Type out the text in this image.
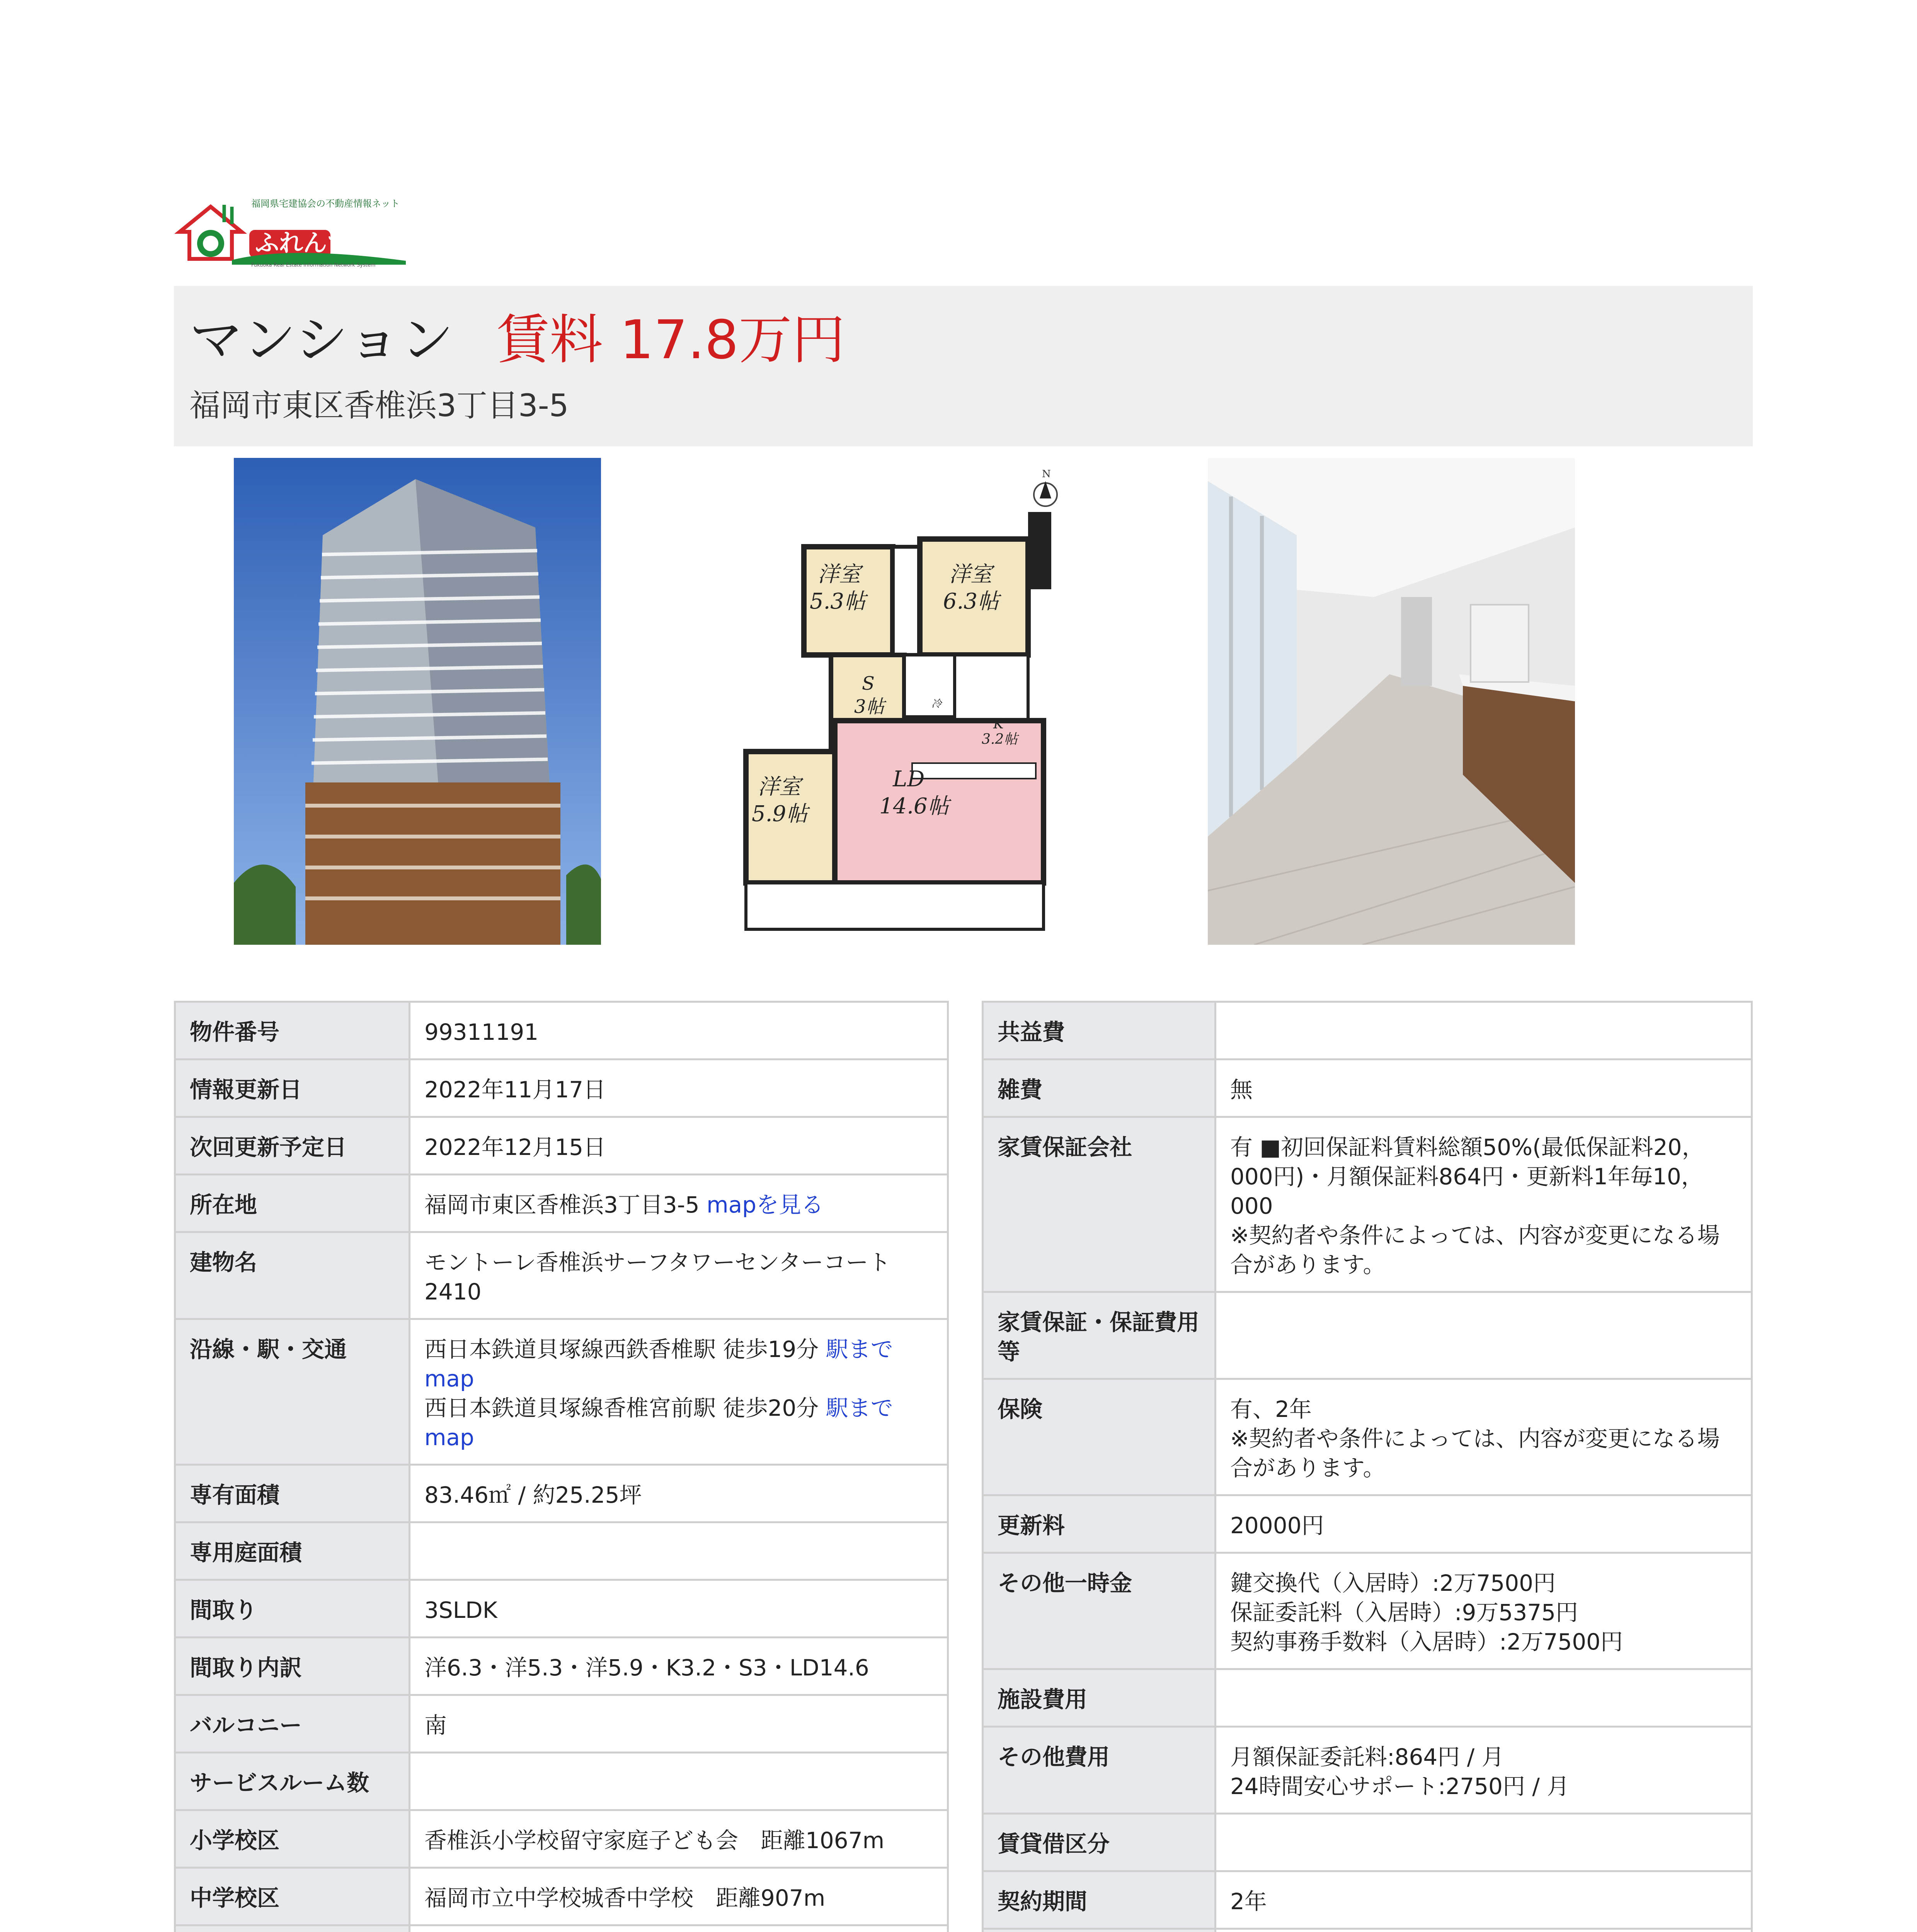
福岡県宅建協会の不動産情報ネット
ふれんず
Fukuoka Real Estate Information Network System
マンション 賃料 17.8万円
福岡市東区香椎浜3丁目3-5
N
洋室
5.3帖
洋室
6.3帖
S
3帖
K
3.2帖
洋室
5.9帖
LD
14.6帖
冷
物件番号	99311191
情報更新日	2022年11月17日
次回更新予定日	2022年12月15日
所在地	福岡市東区香椎浜3丁目3-5 mapを見る
建物名	モントーレ香椎浜サーフタワーセンターコート2410
沿線・駅・交通	西日本鉄道貝塚線西鉄香椎駅 徒歩19分 駅までmap
西日本鉄道貝塚線香椎宮前駅 徒歩20分 駅までmap

専有面積	83.46㎡ / 約25.25坪
専用庭面積	
間取り	3SLDK
間取り内訳	洋6.3・洋5.3・洋5.9・K3.2・S3・LD14.6
バルコニー	南
サービスルーム数	
小学校区	香椎浜小学校留守家庭子ども会　距離1067m
中学校区	福岡市立中学校城香中学校　距離907m

共益費	
雑費	無
家賃保証会社	有 ■初回保証料賃料総額50%(最低保証料20，000円)・月額保証料864円・更新料1年毎10，000
※契約者や条件によっては、内容が変更になる場合があります。

家賃保証・保証費用等	
保険	有、2年
※契約者や条件によっては、内容が変更になる場合があります。

更新料	20000円
その他一時金	鍵交換代（入居時）:2万7500円
保証委託料（入居時）:9万5375円
契約事務手数料（入居時）:2万7500円

施設費用	
その他費用	月額保証委託料:864円 / 月
24時間安心サポート:2750円 / 月

賃貸借区分	
契約期間	2年
